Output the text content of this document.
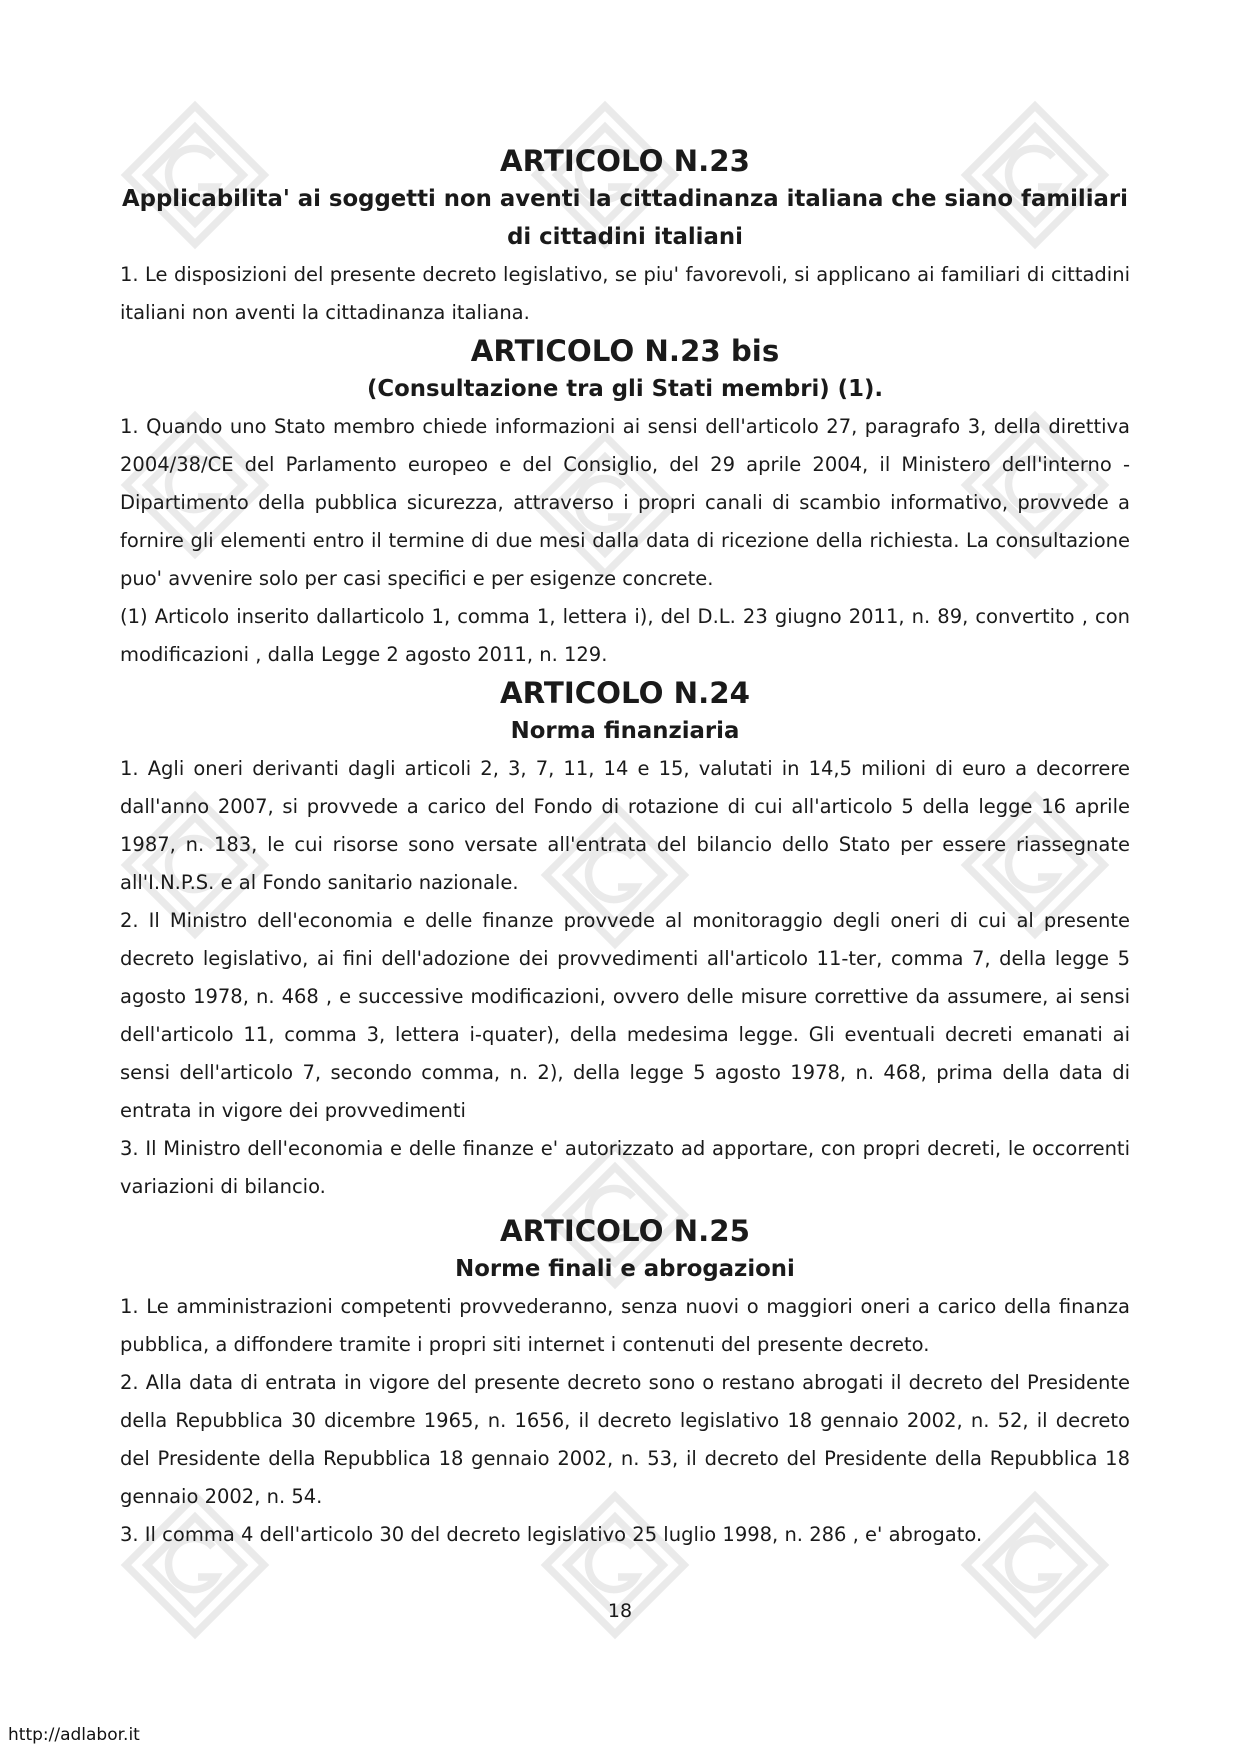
ARTICOLO N.23
Applicabilita' ai soggetti non aventi la cittadinanza italiana che siano familiari di cittadini italiani

1. Le disposizioni del presente decreto legislativo, se piu' favorevoli, si applicano ai familiari di cittadini italiani non aventi la cittadinanza italiana.

ARTICOLO N.23 bis
(Consultazione tra gli Stati membri) (1).

1. Quando uno Stato membro chiede informazioni ai sensi dell'articolo 27, paragrafo 3, della direttiva 2004/38/CE del Parlamento europeo e del Consiglio, del 29 aprile 2004, il Ministero dell'interno - Dipartimento della pubblica sicurezza, attraverso i propri canali di scambio informativo, provvede a fornire gli elementi entro il termine di due mesi dalla data di ricezione della richiesta. La consultazione puo' avvenire solo per casi specifici e per esigenze concrete.

(1) Articolo inserito dallarticolo 1, comma 1, lettera i), del D.L. 23 giugno 2011, n. 89, convertito , con modificazioni , dalla Legge 2 agosto 2011, n. 129.

ARTICOLO N.24
Norma finanziaria

1. Agli oneri derivanti dagli articoli 2, 3, 7, 11, 14 e 15, valutati in 14,5 milioni di euro a decorrere dall'anno 2007, si provvede a carico del Fondo di rotazione di cui all'articolo 5 della legge 16 aprile 1987, n. 183, le cui risorse sono versate all'entrata del bilancio dello Stato per essere riassegnate all'I.N.P.S. e al Fondo sanitario nazionale.

2. Il Ministro dell'economia e delle finanze provvede al monitoraggio degli oneri di cui al presente decreto legislativo, ai fini dell'adozione dei provvedimenti all'articolo 11-ter, comma 7, della legge 5 agosto 1978, n. 468 , e successive modificazioni, ovvero delle misure correttive da assumere, ai sensi dell'articolo 11, comma 3, lettera i-quater), della medesima legge. Gli eventuali decreti emanati ai sensi dell'articolo 7, secondo comma, n. 2), della legge 5 agosto 1978, n. 468, prima della data di entrata in vigore dei provvedimenti

3. Il Ministro dell'economia e delle finanze e' autorizzato ad apportare, con propri decreti, le occorrenti variazioni di bilancio.

ARTICOLO N.25
Norme finali e abrogazioni

1. Le amministrazioni competenti provvederanno, senza nuovi o maggiori oneri a carico della finanza pubblica, a diffondere tramite i propri siti internet i contenuti del presente decreto.

2. Alla data di entrata in vigore del presente decreto sono o restano abrogati il decreto del Presidente della Repubblica 30 dicembre 1965, n. 1656, il decreto legislativo 18 gennaio 2002, n. 52, il decreto del Presidente della Repubblica 18 gennaio 2002, n. 53, il decreto del Presidente della Repubblica 18 gennaio 2002, n. 54.

3. Il comma 4 dell'articolo 30 del decreto legislativo 25 luglio 1998, n. 286 , e' abrogato.

18
http://adlabor.it
